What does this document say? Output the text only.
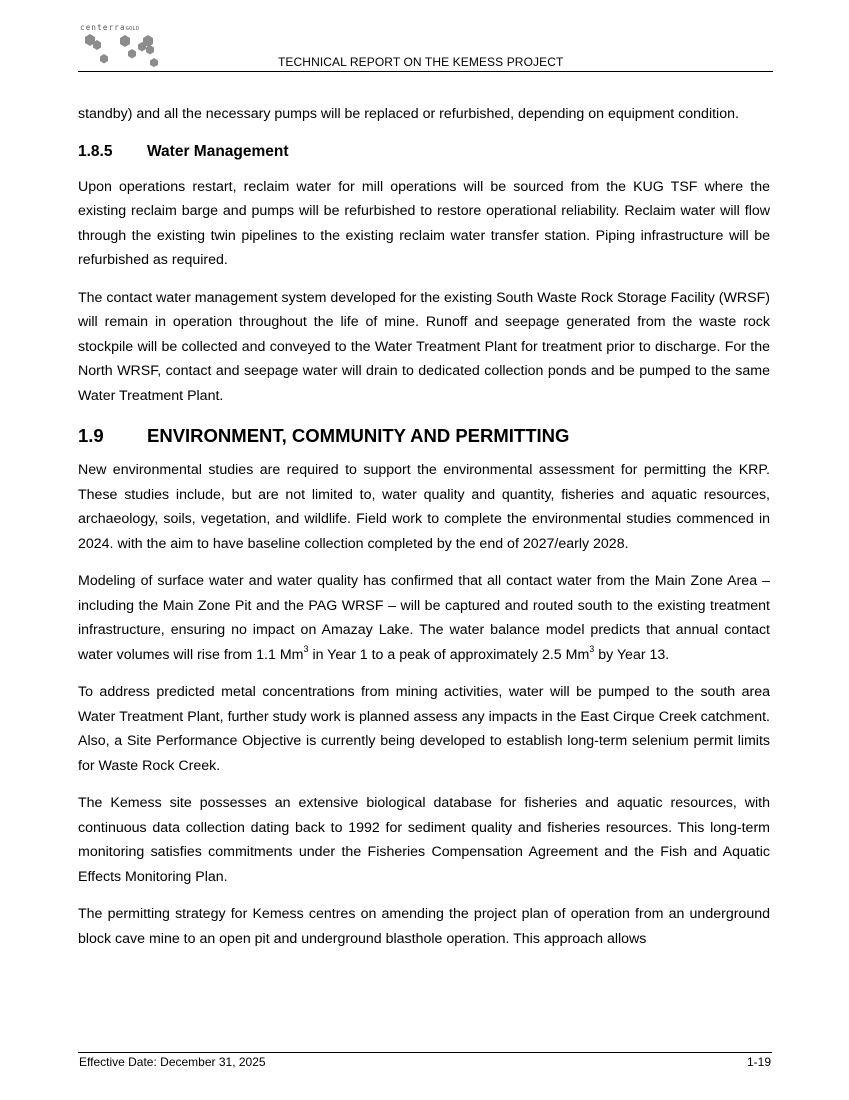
centerraGOLD
TECHNICAL REPORT ON THE KEMESS PROJECT

standby) and all the necessary pumps will be replaced or refurbished, depending on equipment condition.

1.8.5 Water Management

Upon operations restart, reclaim water for mill operations will be sourced from the KUG TSF where the existing reclaim barge and pumps will be refurbished to restore operational reliability. Reclaim water will flow through the existing twin pipelines to the existing reclaim water transfer station. Piping infrastructure will be refurbished as required.

The contact water management system developed for the existing South Waste Rock Storage Facility (WRSF) will remain in operation throughout the life of mine. Runoff and seepage generated from the waste rock stockpile will be collected and conveyed to the Water Treatment Plant for treatment prior to discharge. For the North WRSF, contact and seepage water will drain to dedicated collection ponds and be pumped to the same Water Treatment Plant.

1.9 ENVIRONMENT, COMMUNITY AND PERMITTING

New environmental studies are required to support the environmental assessment for permitting the KRP. These studies include, but are not limited to, water quality and quantity, fisheries and aquatic resources, archaeology, soils, vegetation, and wildlife. Field work to complete the environmental studies commenced in 2024. with the aim to have baseline collection completed by the end of 2027/early 2028.

Modeling of surface water and water quality has confirmed that all contact water from the Main Zone Area – including the Main Zone Pit and the PAG WRSF – will be captured and routed south to the existing treatment infrastructure, ensuring no impact on Amazay Lake. The water balance model predicts that annual contact water volumes will rise from 1.1 Mm$^3$ in Year 1 to a peak of approximately 2.5 Mm$^3$ by Year 13.

To address predicted metal concentrations from mining activities, water will be pumped to the south area Water Treatment Plant, further study work is planned assess any impacts in the East Cirque Creek catchment. Also, a Site Performance Objective is currently being developed to establish long-term selenium permit limits for Waste Rock Creek.

The Kemess site possesses an extensive biological database for fisheries and aquatic resources, with continuous data collection dating back to 1992 for sediment quality and fisheries resources. This long-term monitoring satisfies commitments under the Fisheries Compensation Agreement and the Fish and Aquatic Effects Monitoring Plan.

The permitting strategy for Kemess centres on amending the project plan of operation from an underground block cave mine to an open pit and underground blasthole operation. This approach allows

Effective Date: December 31, 2025	1-19
